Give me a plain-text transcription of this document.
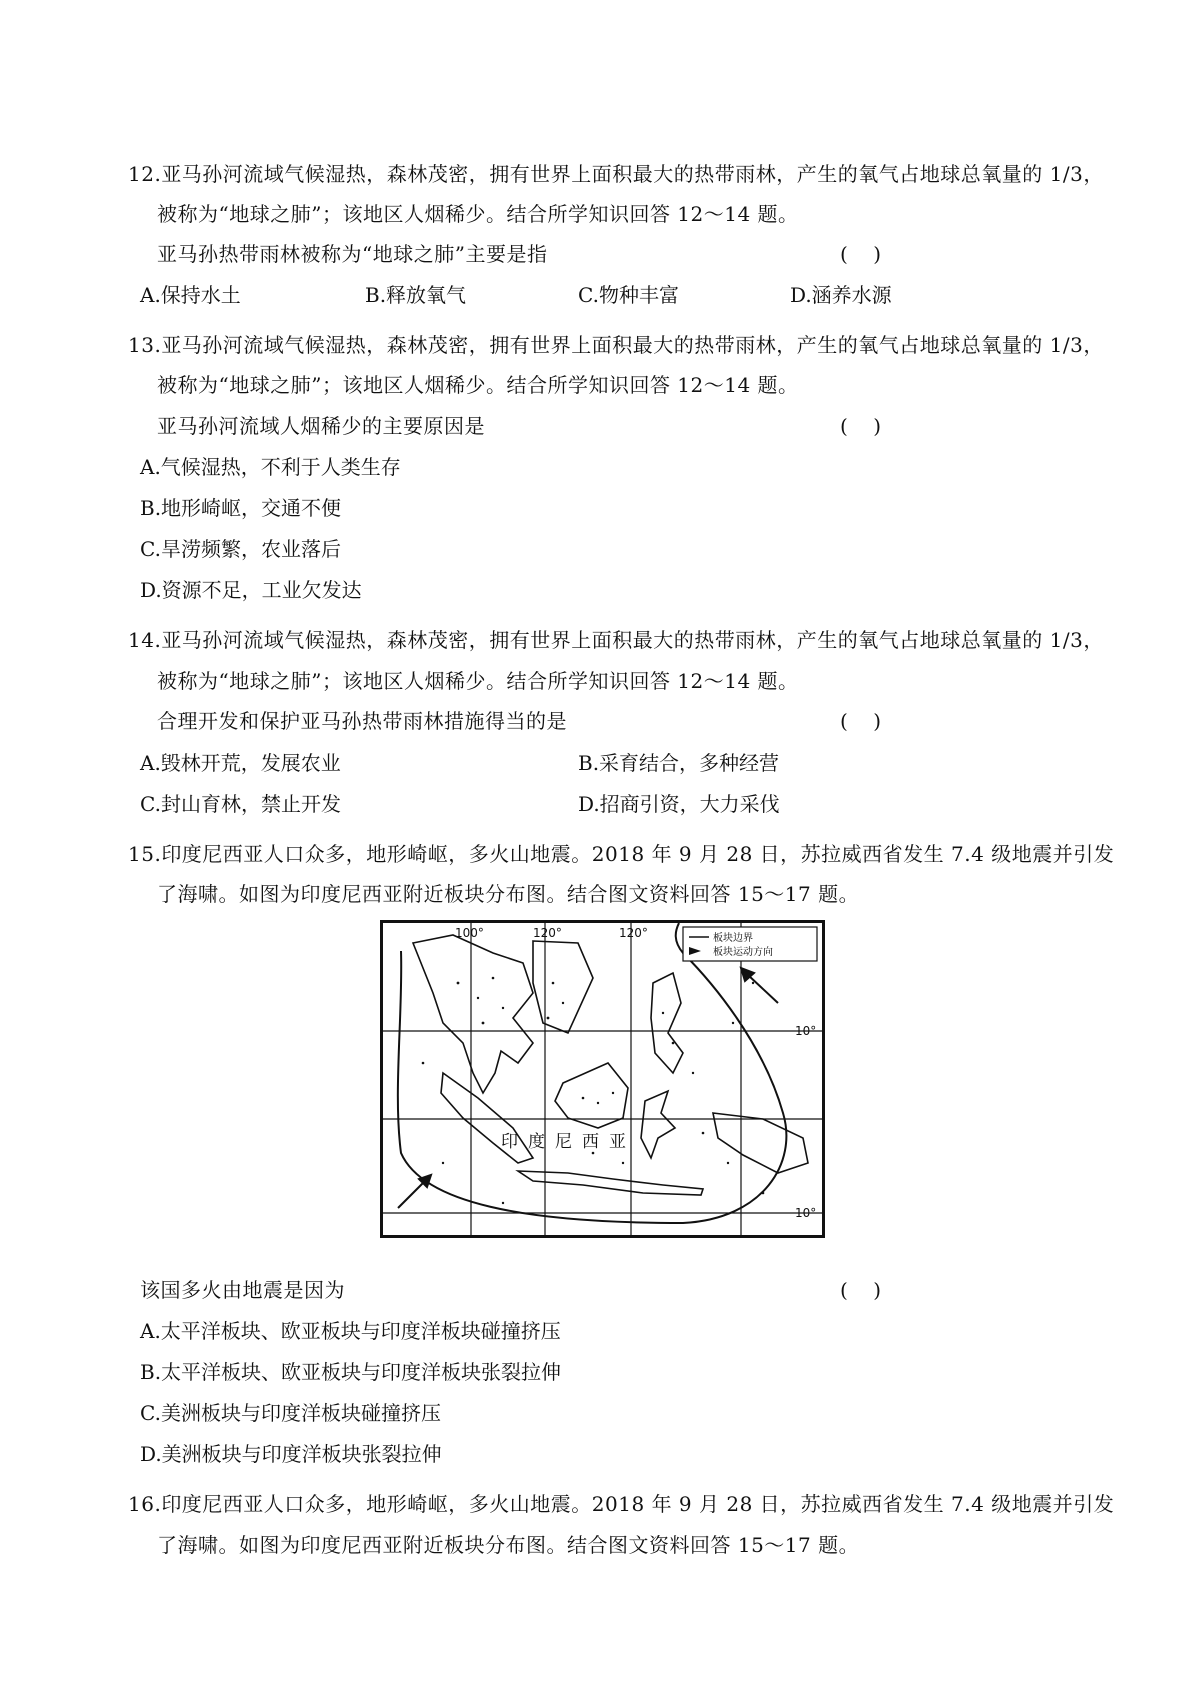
12.亚马孙河流域气候湿热，森林茂密，拥有世界上面积最大的热带雨林，产生的氧气占地球总氧量的 1/3，
被称为“地球之肺”；该地区人烟稀少。结合所学知识回答 12～14 题。
亚马孙热带雨林被称为“地球之肺”主要是指	(    )
A.保持水土	B.释放氧气	C.物种丰富	D.涵养水源
13.亚马孙河流域气候湿热，森林茂密，拥有世界上面积最大的热带雨林，产生的氧气占地球总氧量的 1/3，
被称为“地球之肺”；该地区人烟稀少。结合所学知识回答 12～14 题。
亚马孙河流域人烟稀少的主要原因是	(    )
A.气候湿热，不利于人类生存
B.地形崎岖，交通不便
C.旱涝频繁，农业落后
D.资源不足，工业欠发达
14.亚马孙河流域气候湿热，森林茂密，拥有世界上面积最大的热带雨林，产生的氧气占地球总氧量的 1/3，
被称为“地球之肺”；该地区人烟稀少。结合所学知识回答 12～14 题。
合理开发和保护亚马孙热带雨林措施得当的是	(    )
A.毁林开荒，发展农业	B.采育结合，多种经营
C.封山育林，禁止开发	D.招商引资，大力采伐
15.印度尼西亚人口众多，地形崎岖，多火山地震。2018 年 9 月 28 日，苏拉威西省发生 7.4 级地震并引发
了海啸。如图为印度尼西亚附近板块分布图。结合图文资料回答 15～17 题。
板块边界
板块运动方向
100°	120°	120°
10°
10°
印度尼西亚
该国多火由地震是因为	(    )
A.太平洋板块、欧亚板块与印度洋板块碰撞挤压
B.太平洋板块、欧亚板块与印度洋板块张裂拉伸
C.美洲板块与印度洋板块碰撞挤压
D.美洲板块与印度洋板块张裂拉伸
16.印度尼西亚人口众多，地形崎岖，多火山地震。2018 年 9 月 28 日，苏拉威西省发生 7.4 级地震并引发
了海啸。如图为印度尼西亚附近板块分布图。结合图文资料回答 15～17 题。
